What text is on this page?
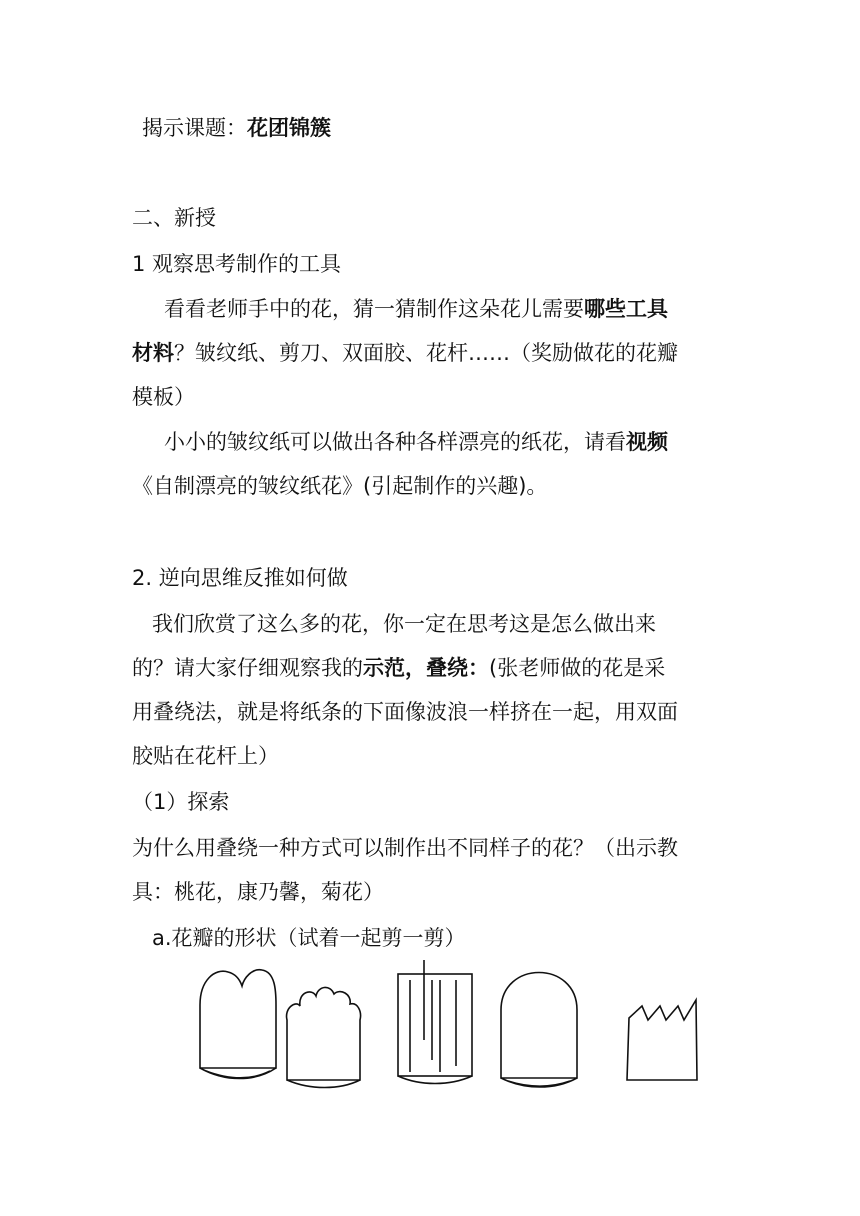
揭示课题：花团锦簇
二、新授
1 观察思考制作的工具
看看老师手中的花，猜一猜制作这朵花儿需要哪些工具
材料？皱纹纸、剪刀、双面胶、花杆……（奖励做花的花瓣
模板）
小小的皱纹纸可以做出各种各样漂亮的纸花，请看视频
《自制漂亮的皱纹纸花》(引起制作的兴趣)。
2. 逆向思维反推如何做
我们欣赏了这么多的花，你一定在思考这是怎么做出来
的？请大家仔细观察我的示范，叠绕：(张老师做的花是采
用叠绕法，就是将纸条的下面像波浪一样挤在一起，用双面
胶贴在花杆上）
（1）探索
为什么用叠绕一种方式可以制作出不同样子的花？（出示教
具：桃花，康乃馨，菊花）
a.花瓣的形状（试着一起剪一剪）
